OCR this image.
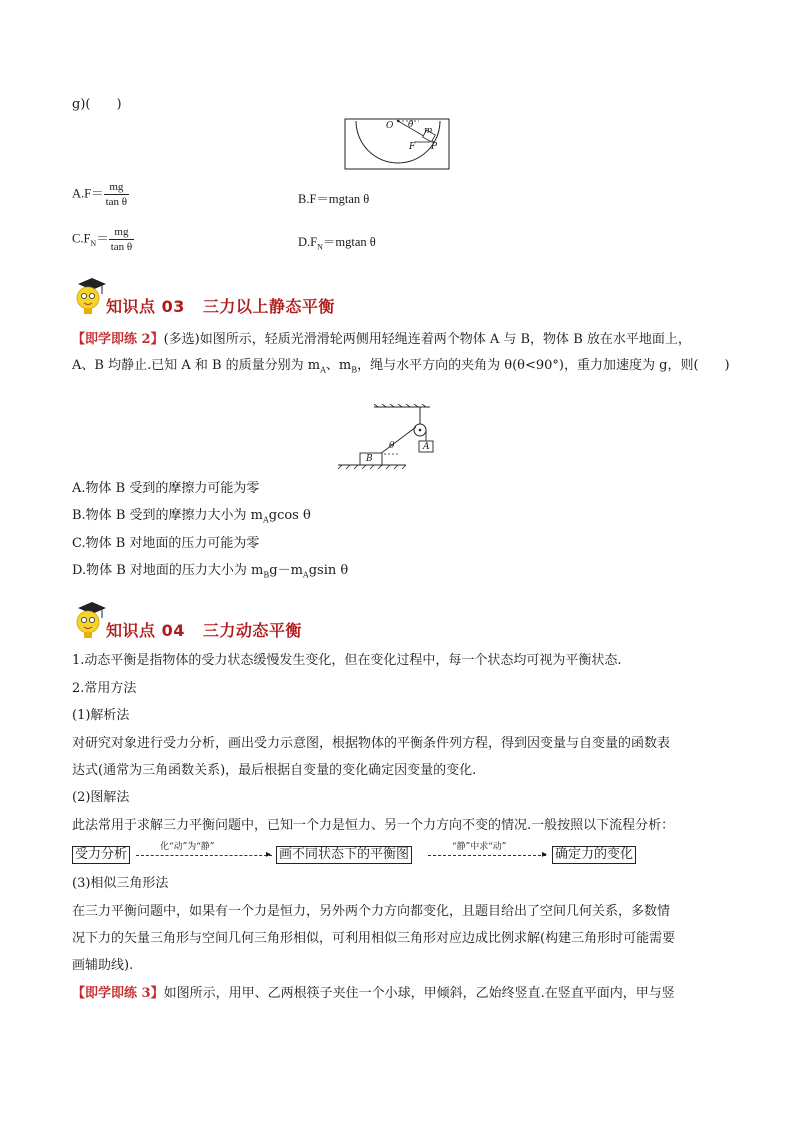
g)(　　)
O θ
m
F P
$A.F= \frac{mg}{\text{tan θ}}$	B.F＝mgtan θ
$C.F_N= \frac{mg}{\text{tan θ}}$	$D.F_N=mgtan$ θ
知识点 03 三力以上静态平衡
【即学即练 2】(多选)如图所示，轻质光滑滑轮两侧用轻绳连着两个物体 A 与 B，物体 B 放在水平地面上，
A、B 均静止.已知 A 和 B 的质量分别为 $m_A$、$m_B$，绳与水平方向的夹角为 θ(θ<90°)，重力加速度为 g，则(　　)
B
A
θ
A.物体 B 受到的摩擦力可能为零
B.物体 B 受到的摩擦力大小为 $m_Agcos$ θ
C.物体 B 对地面的压力可能为零
D.物体 B 对地面的压力大小为 $m_Bg-m_Agsin$ θ
知识点 04 三力动态平衡
1.动态平衡是指物体的受力状态缓慢发生变化，但在变化过程中，每一个状态均可视为平衡状态.
2.常用方法
(1)解析法
对研究对象进行受力分析，画出受力示意图，根据物体的平衡条件列方程，得到因变量与自变量的函数表
达式(通常为三角函数关系)，最后根据自变量的变化确定因变量的变化.
(2)图解法
此法常用于求解三力平衡问题中，已知一个力是恒力、另一个力方向不变的情况.一般按照以下流程分析：
受力分析	化“动”为“静”
▸ 画不同状态下的平衡图	“静”中求“动”
▸ 确定力的变化
(3)相似三角形法
在三力平衡问题中，如果有一个力是恒力，另外两个力方向都变化，且题目给出了空间几何关系，多数情
况下力的矢量三角形与空间几何三角形相似，可利用相似三角形对应边成比例求解(构建三角形时可能需要
画辅助线).
【即学即练 3】如图所示，用甲、乙两根筷子夹住一个小球，甲倾斜，乙始终竖直.在竖直平面内，甲与竖
